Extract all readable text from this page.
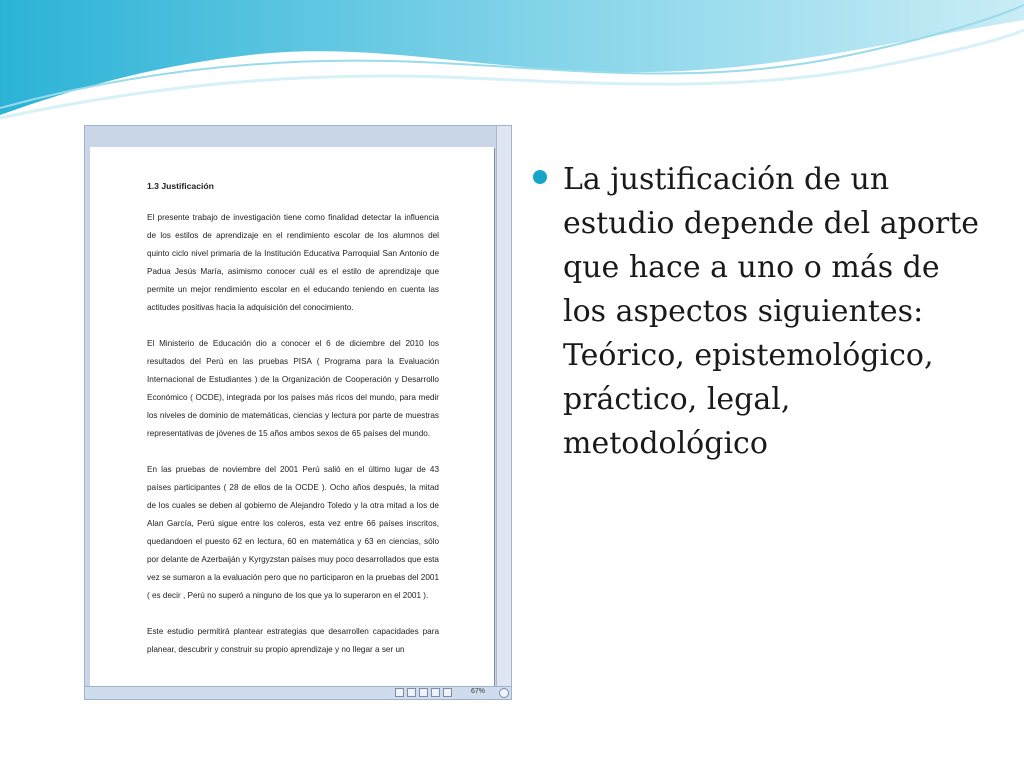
1.3 Justificación

El presente trabajo de investigación tiene como finalidad detectar la influencia de los estilos de aprendizaje en el rendimiento escolar de los alumnos del quinto ciclo nivel primaria de la Institución Educativa Parroquial San Antonio de Padua Jesús María, asimismo conocer cuál es el estilo de aprendizaje que permite un mejor rendimiento escolar en el educando teniendo en cuenta las actitudes positivas hacia la adquisición del conocimiento.

El Ministerio de Educación dio a conocer el 6 de diciembre del 2010 los resultados del Perú en las pruebas PISA ( Programa para la Evaluación Internacional de Estudiantes ) de la Organización de Cooperación y Desarrollo Económico ( OCDE), integrada por los países más ricos del mundo, para medir los niveles de dominio de matemáticas, ciencias y lectura por parte de muestras representativas de jóvenes de 15 años ambos sexos de 65 países del mundo.

En las pruebas de noviembre del 2001 Perú salió en el último lugar de 43 países participantes ( 28 de ellos de la OCDE ). Ocho años después, la mitad de los cuales se deben al gobierno de Alejandro Toledo y la otra mitad a los de Alan García, Perú sigue entre los coleros, esta vez entre 66 países inscritos, quedandoen el puesto 62 en lectura, 60 en matemática y 63 en ciencias, sólo por delante de Azerbaiján y Kyrgyzstan países muy poco desarrollados que esta vez se sumaron a la evaluación pero que no participaron en la pruebas del 2001 ( es decir , Perú no superó a ninguno de los que ya lo superaron en el 2001 ).

Este estudio permitirá plantear estrategias que desarrollen capacidades para planear, descubrir y construir su propio aprendizaje y no llegar a ser un

67%
La justificación de un estudio depende del aporte que hace a uno o más de los aspectos siguientes: Teórico, epistemológico, práctico, legal, metodológico
